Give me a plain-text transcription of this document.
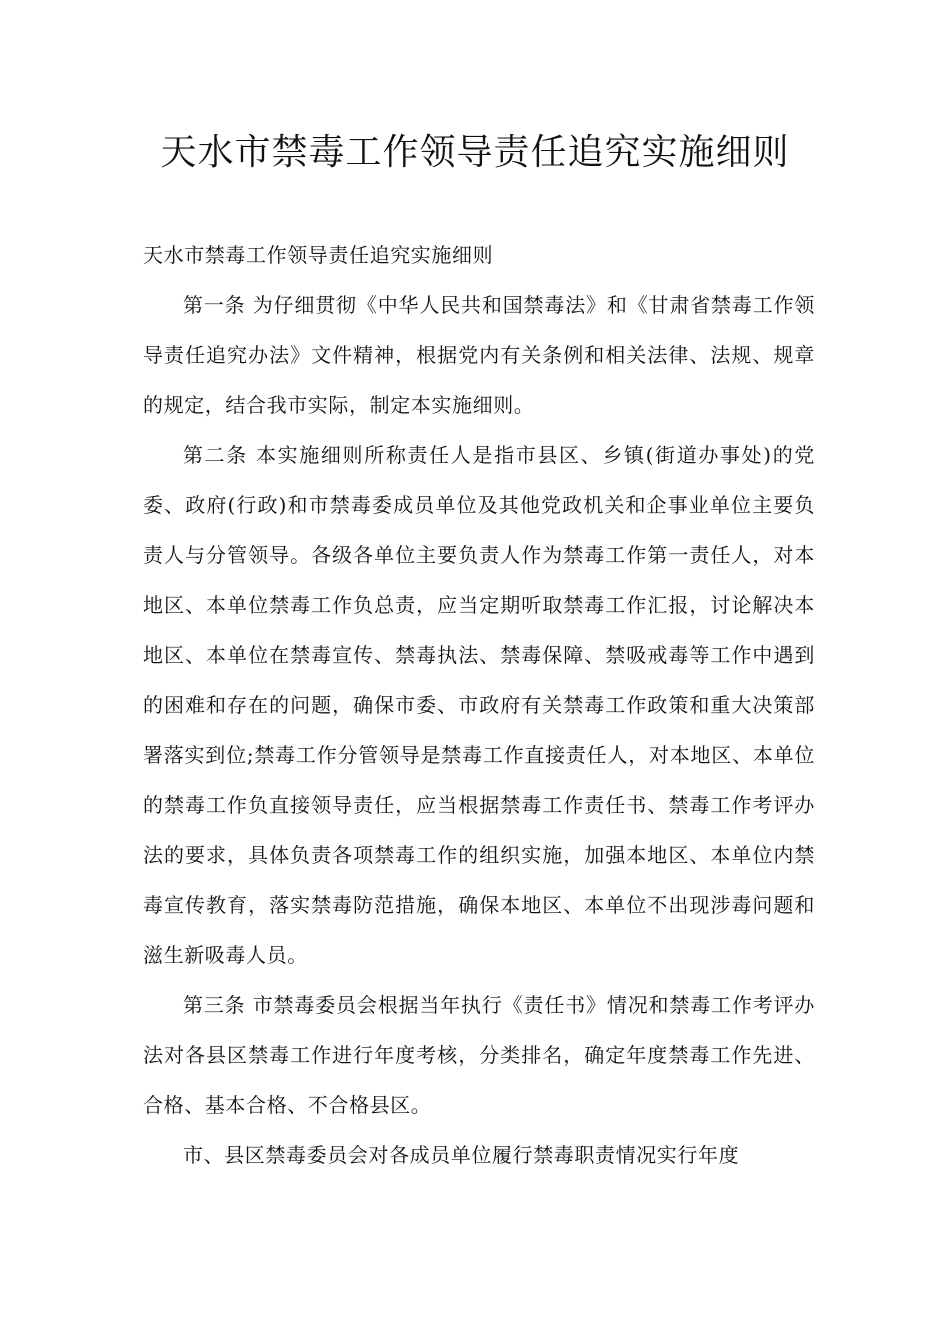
天水市禁毒工作领导责任追究实施细则

天水市禁毒工作领导责任追究实施细则

第一条 为仔细贯彻《中华人民共和国禁毒法》和《甘肃省禁毒工作领导责任追究办法》文件精神，根据党内有关条例和相关法律、法规、规章的规定，结合我市实际，制定本实施细则。

第二条 本实施细则所称责任人是指市县区、乡镇(街道办事处)的党委、政府(行政)和市禁毒委成员单位及其他党政机关和企事业单位主要负责人与分管领导。各级各单位主要负责人作为禁毒工作第一责任人，对本地区、本单位禁毒工作负总责，应当定期听取禁毒工作汇报，讨论解决本地区、本单位在禁毒宣传、禁毒执法、禁毒保障、禁吸戒毒等工作中遇到的困难和存在的问题，确保市委、市政府有关禁毒工作政策和重大决策部署落实到位;禁毒工作分管领导是禁毒工作直接责任人，对本地区、本单位的禁毒工作负直接领导责任，应当根据禁毒工作责任书、禁毒工作考评办法的要求，具体负责各项禁毒工作的组织实施，加强本地区、本单位内禁毒宣传教育，落实禁毒防范措施，确保本地区、本单位不出现涉毒问题和滋生新吸毒人员。

第三条 市禁毒委员会根据当年执行《责任书》情况和禁毒工作考评办法对各县区禁毒工作进行年度考核，分类排名，确定年度禁毒工作先进、合格、基本合格、不合格县区。

市、县区禁毒委员会对各成员单位履行禁毒职责情况实行年度
